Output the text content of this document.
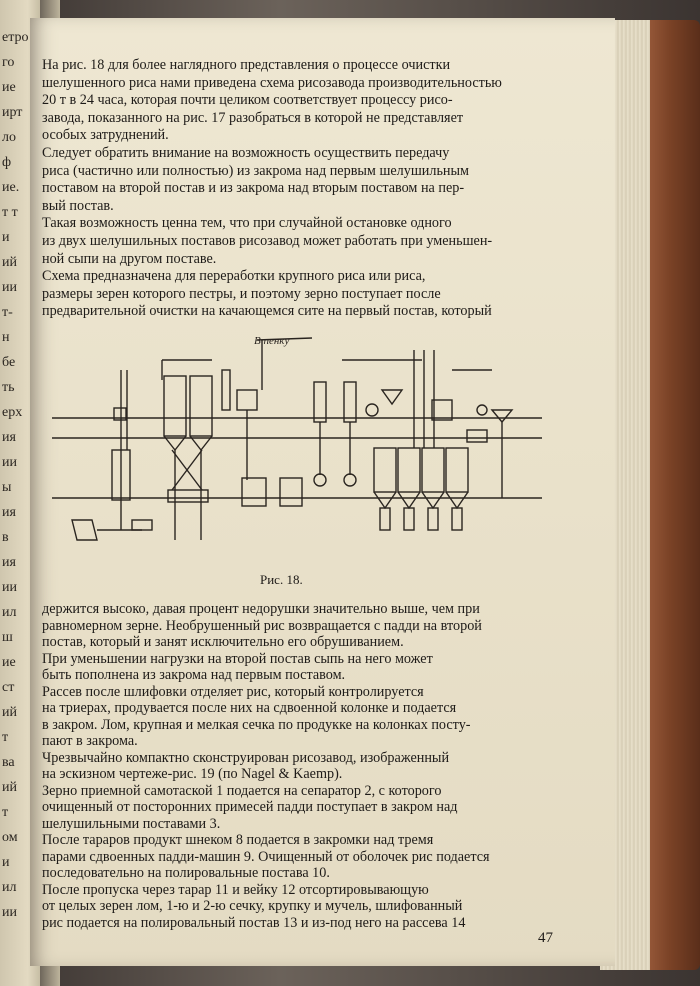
етро
го
ие
ирт
ло
ф
ие.
т т
и
ий
ии
т-
н
бе
ть
ерх
ия
ии
ы
ия
в
ия
ии
ил
ш
ие
ст
ий
т
ва
ий
т
ом
и
ил
ии
На рис. 18 для более наглядного представления о процессе очистки
шелушенного риса нами приведена схема рисозавода производительностью
20 т в 24 часа, которая почти целиком соответствует процессу рисо-
завода, показанного на рис. 17 разобраться в которой не представляет
особых затруднений.
Следует обратить внимание на возможность осуществить передачу
риса (частично или полностью) из закрома над первым шелушильным
поставом на второй постав и из закрома над вторым поставом на пер-
вый постав.
Такая возможность ценна тем, что при случайной остановке одного
из двух шелушильных поставов рисозавод может работать при уменьшен-
ной сыпи на другом поставе.
Схема предназначена для переработки крупного риса или риса,
размеры зерен которого пестры, и поэтому зерно поступает после
предварительной очистки на качающемся сите на первый постав, который
В пенку
Рис. 18.
держится высоко, давая процент недорушки значительно выше, чем при
равномерном зерне. Необрушенный рис возвращается с падди на второй
постав, который и занят исключительно его обрушиванием.
При уменьшении нагрузки на второй постав сыпь на него может
быть пополнена из закрома над первым поставом.
Рассев после шлифовки отделяет рис, который контролируется
на триерах, продувается после них на сдвоенной колонке и подается
в закром. Лом, крупная и мелкая сечка по продукке на колонках посту-
пают в закрома.
Чрезвычайно компактно сконструирован рисозавод, изображенный
на эскизном чертеже-рис. 19 (по Nagel & Kaemp).
Зерно приемной самотаской 1 подается на сепаратор 2, с которого
очищенный от посторонних примесей падди поступает в закром над
шелушильными поставами 3.
После тараров продукт шнеком 8 подается в закромки над тремя
парами сдвоенных падди-машин 9. Очищенный от оболочек рис подается
последовательно на полировальные постава 10.
После пропуска через тарар 11 и вейку 12 отсортировывающую
от целых зерен лом, 1-ю и 2-ю сечку, крупку и мучель, шлифованный
рис подается на полировальный постав 13 и из-под него на рассева 14
47
